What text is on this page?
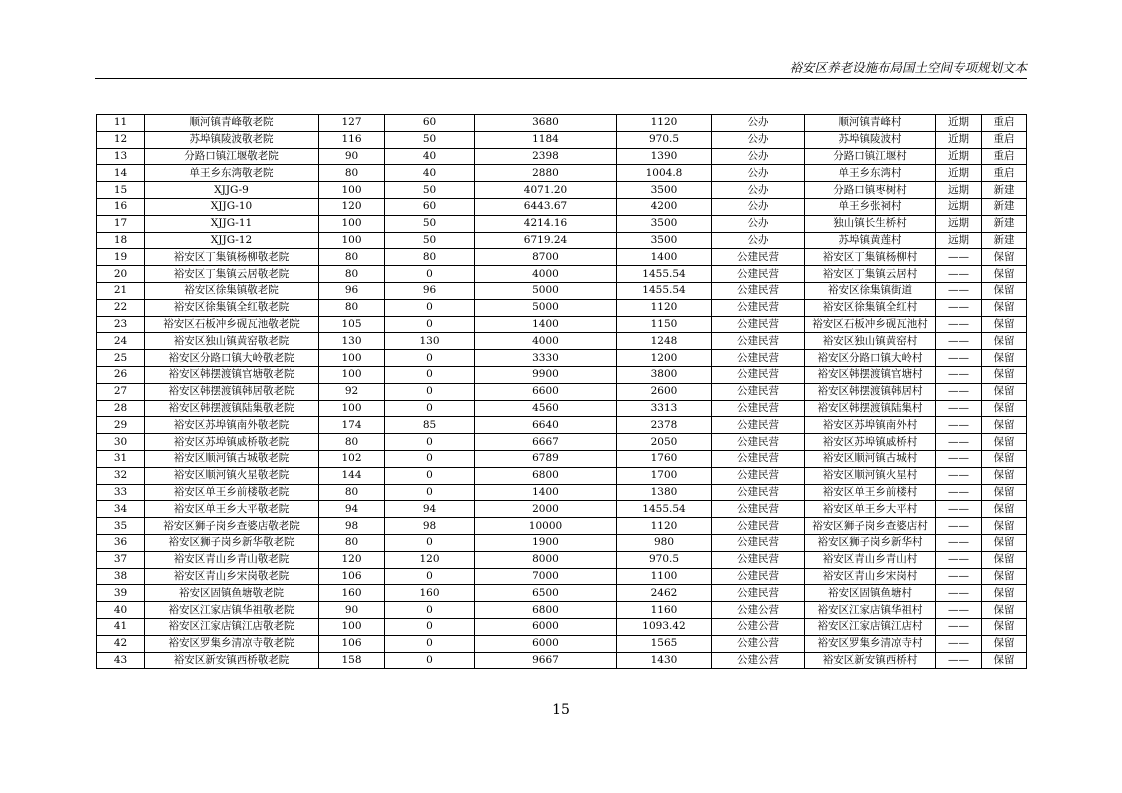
裕安区养老设施布局国土空间专项规划文本
11	顺河镇青峰敬老院	127	60	3680	1120	公办	顺河镇青峰村	近期	重启
12	苏埠镇陵波敬老院	116	50	1184	970.5	公办	苏埠镇陵波村	近期	重启
13	分路口镇江堰敬老院	90	40	2398	1390	公办	分路口镇江堰村	近期	重启
14	单王乡东湾敬老院	80	40	2880	1004.8	公办	单王乡东湾村	近期	重启
15	XJJG-9	100	50	4071.20	3500	公办	分路口镇枣树村	远期	新建
16	XJJG-10	120	60	6443.67	4200	公办	单王乡张祠村	远期	新建
17	XJJG-11	100	50	4214.16	3500	公办	独山镇长生桥村	远期	新建
18	XJJG-12	100	50	6719.24	3500	公办	苏埠镇黄莲村	远期	新建
19	裕安区丁集镇杨柳敬老院	80	80	8700	1400	公建民营	裕安区丁集镇杨柳村	——	保留
20	裕安区丁集镇云居敬老院	80	0	4000	1455.54	公建民营	裕安区丁集镇云居村	——	保留
21	裕安区徐集镇敬老院	96	96	5000	1455.54	公建民营	裕安区徐集镇街道	——	保留
22	裕安区徐集镇全红敬老院	80	0	5000	1120	公建民营	裕安区徐集镇全红村	——	保留
23	裕安区石板冲乡砚瓦池敬老院	105	0	1400	1150	公建民营	裕安区石板冲乡砚瓦池村	——	保留
24	裕安区独山镇黄窑敬老院	130	130	4000	1248	公建民营	裕安区独山镇黄窑村	——	保留
25	裕安区分路口镇大岭敬老院	100	0	3330	1200	公建民营	裕安区分路口镇大岭村	——	保留
26	裕安区韩摆渡镇官塘敬老院	100	0	9900	3800	公建民营	裕安区韩摆渡镇官塘村	——	保留
27	裕安区韩摆渡镇韩居敬老院	92	0	6600	2600	公建民营	裕安区韩摆渡镇韩居村	——	保留
28	裕安区韩摆渡镇陆集敬老院	100	0	4560	3313	公建民营	裕安区韩摆渡镇陆集村	——	保留
29	裕安区苏埠镇南外敬老院	174	85	6640	2378	公建民营	裕安区苏埠镇南外村	——	保留
30	裕安区苏埠镇戚桥敬老院	80	0	6667	2050	公建民营	裕安区苏埠镇戚桥村	——	保留
31	裕安区顺河镇古城敬老院	102	0	6789	1760	公建民营	裕安区顺河镇古城村	——	保留
32	裕安区顺河镇火星敬老院	144	0	6800	1700	公建民营	裕安区顺河镇火星村	——	保留
33	裕安区单王乡前楼敬老院	80	0	1400	1380	公建民营	裕安区单王乡前楼村	——	保留
34	裕安区单王乡大平敬老院	94	94	2000	1455.54	公建民营	裕安区单王乡大平村	——	保留
35	裕安区狮子岗乡查婆店敬老院	98	98	10000	1120	公建民营	裕安区狮子岗乡查婆店村	——	保留
36	裕安区狮子岗乡新华敬老院	80	0	1900	980	公建民营	裕安区狮子岗乡新华村	——	保留
37	裕安区青山乡青山敬老院	120	120	8000	970.5	公建民营	裕安区青山乡青山村	——	保留
38	裕安区青山乡宋岗敬老院	106	0	7000	1100	公建民营	裕安区青山乡宋岗村	——	保留
39	裕安区固镇鱼塘敬老院	160	160	6500	2462	公建民营	裕安区固镇鱼塘村	——	保留
40	裕安区江家店镇华祖敬老院	90	0	6800	1160	公建公营	裕安区江家店镇华祖村	——	保留
41	裕安区江家店镇江店敬老院	100	0	6000	1093.42	公建公营	裕安区江家店镇江店村	——	保留
42	裕安区罗集乡清凉寺敬老院	106	0	6000	1565	公建公营	裕安区罗集乡清凉寺村	——	保留
43	裕安区新安镇西桥敬老院	158	0	9667	1430	公建公营	裕安区新安镇西桥村	——	保留
15
